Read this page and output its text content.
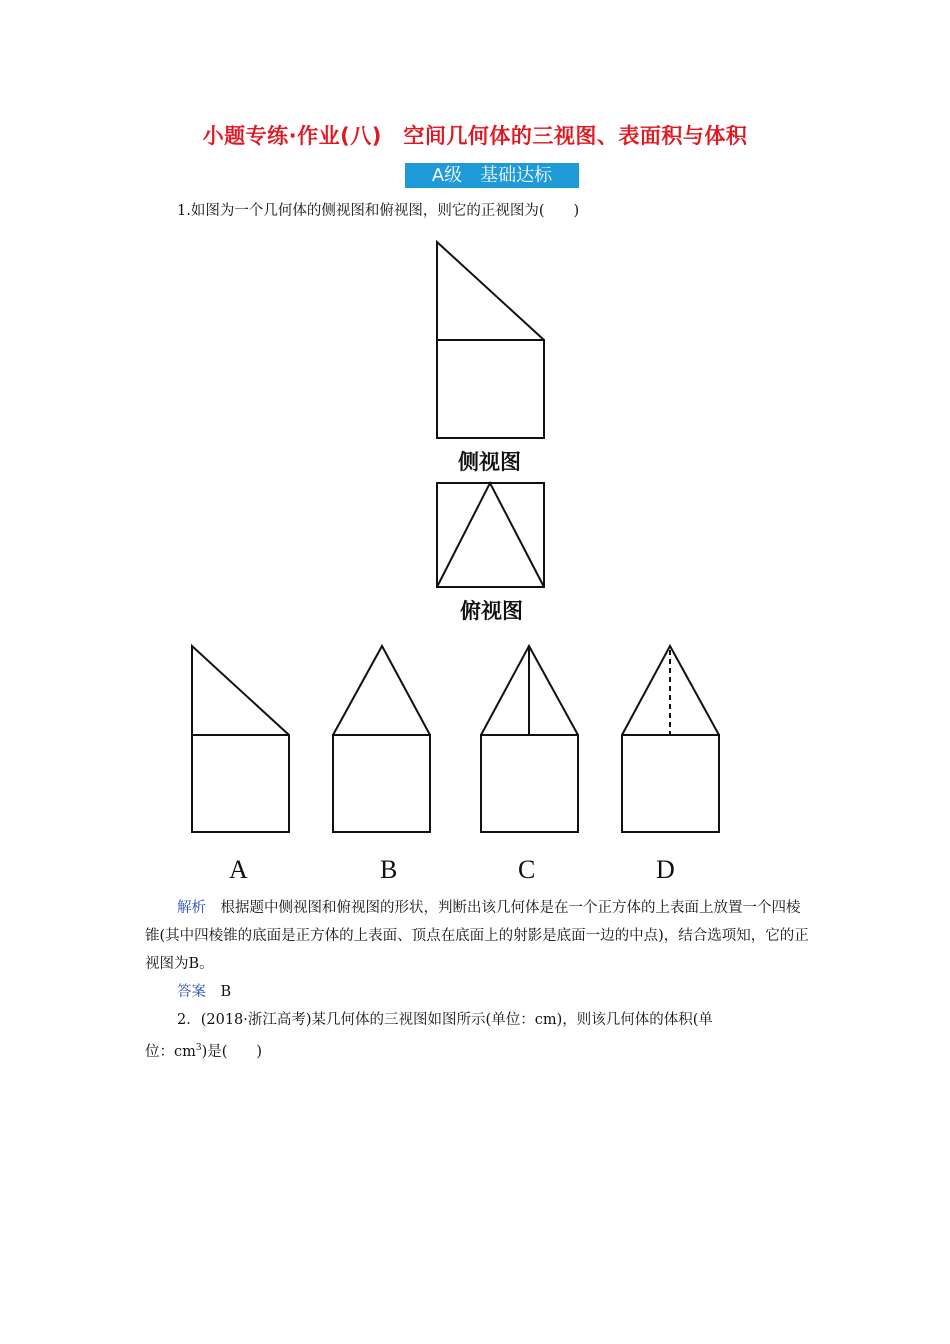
小题专练·作业(八)　空间几何体的三视图、表面积与体积
A级　基础达标
1.如图为一个几何体的侧视图和俯视图，则它的正视图为(　　)
侧视图
俯视图
A	B	C	D
解析　 根据题中侧视图和俯视图的形状，判断出该几何体是在一个正方体的上表面上放置一个四棱锥(其中四棱锥的底面是正方体的上表面、顶点在底面上的射影是底面一边的中点)，结合选项知，它的正视图为B。
答案　 B
2．(2018·浙江高考)某几何体的三视图如图所示(单位：cm)，则该几何体的体积(单
位：$cm^3$)是(　　)
